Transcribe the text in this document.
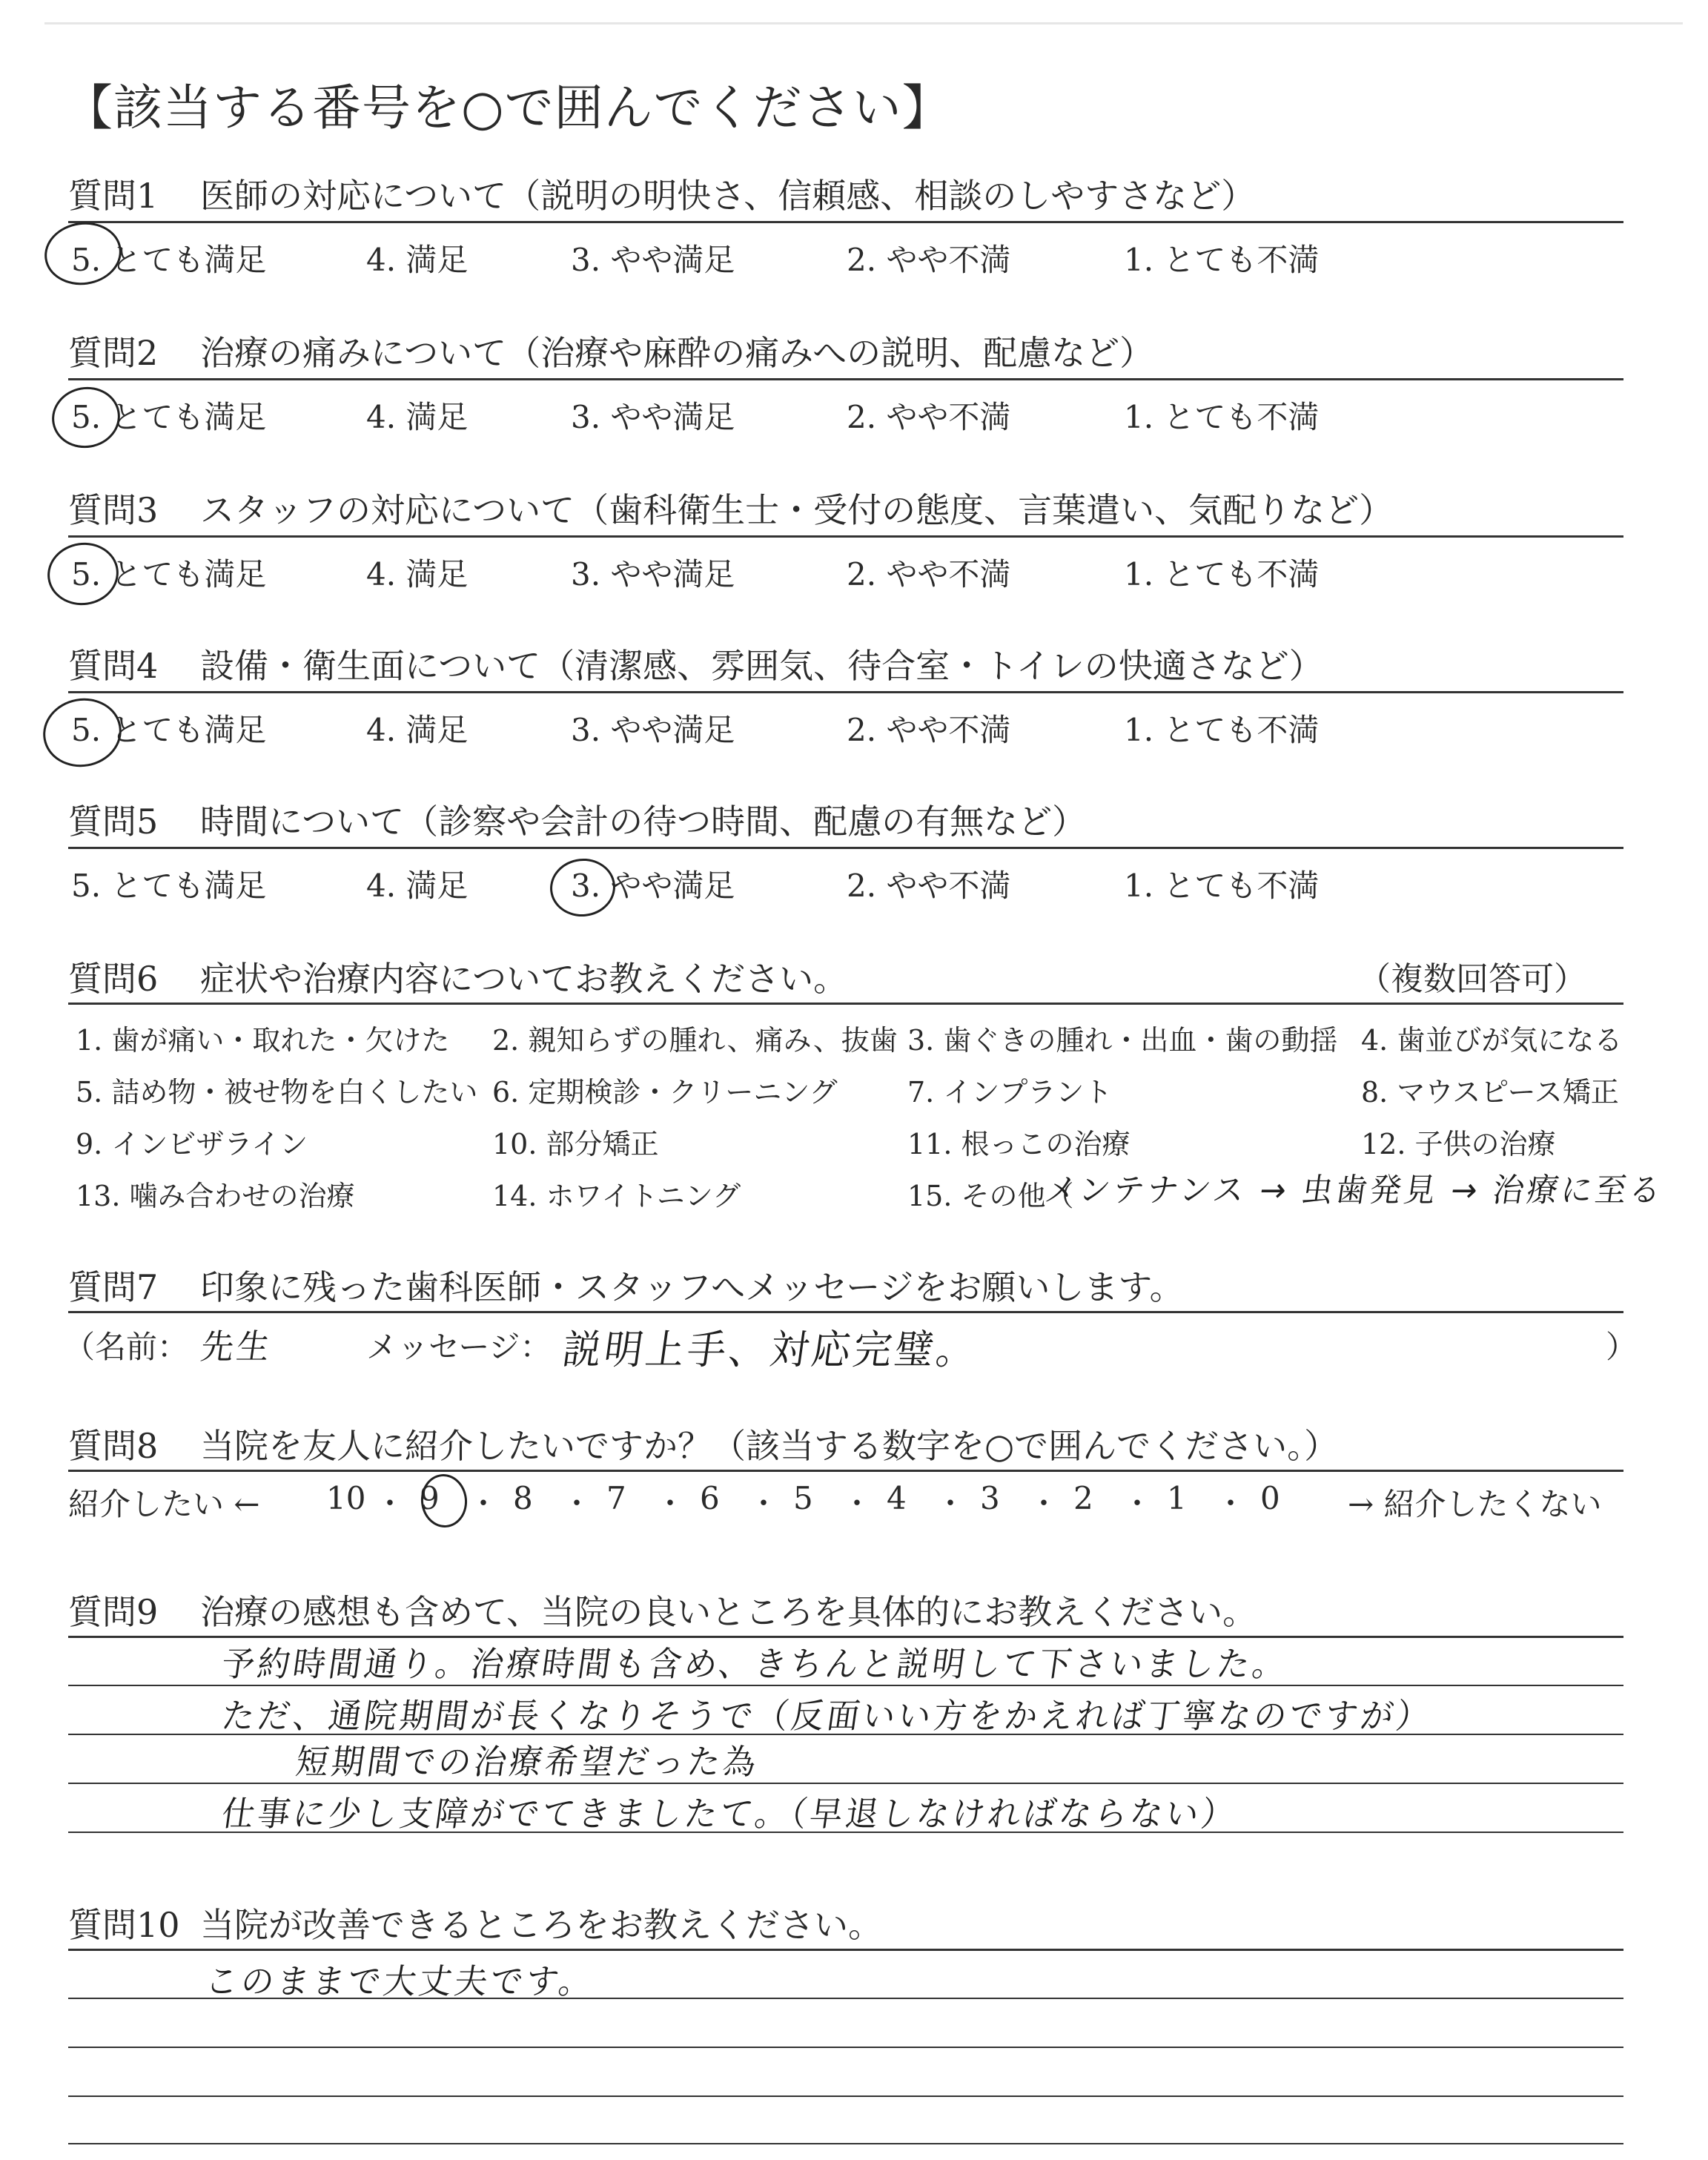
【該当する番号を○で囲んでください】
質問1 医師の対応について（説明の明快さ、信頼感、相談のしやすさなど）
5. とても満足	4. 満足	3. やや満足	2. やや不満	1. とても不満
質問2 治療の痛みについて（治療や麻酔の痛みへの説明、配慮など）
5. とても満足	4. 満足	3. やや満足	2. やや不満	1. とても不満
質問3 スタッフの対応について（歯科衛生士・受付の態度、言葉遣い、気配りなど）
5. とても満足	4. 満足	3. やや満足	2. やや不満	1. とても不満
質問4 設備・衛生面について（清潔感、雰囲気、待合室・トイレの快適さなど）
5. とても満足	4. 満足	3. やや満足	2. やや不満	1. とても不満
質問5 時間について（診察や会計の待つ時間、配慮の有無など）
5. とても満足	4. 満足	3. やや満足	2. やや不満	1. とても不満
質問6 症状や治療内容についてお教えください。	（複数回答可）
1. 歯が痛い・取れた・欠けた 2. 親知らずの腫れ、痛み、抜歯 3. 歯ぐきの腫れ・出血・歯の動揺 4. 歯並びが気になる
5. 詰め物・被せ物を白くしたい 6. 定期検診・クリーニング 7. インプラント	8. マウスピース矯正
9. インビザライン	10. 部分矯正	11. 根っこの治療	12. 子供の治療
13. 噛み合わせの治療	14. ホワイトニング	15. その他（
メンテナンス → 虫歯発見 → 治療に至る
質問7 印象に残った歯科医師・スタッフへメッセージをお願いします。
（名前： 先生	メッセージ： 説明上手、対応完璧。	）
質問8 当院を友人に紹介したいですか？（該当する数字を○で囲んでください。）
紹介したい ← 10 ・ 9 ・ 8 ・ 7 ・ 6 ・ 5 ・ 4 ・ 3 ・ 2 ・ 1 ・ 0 → 紹介したくない
質問9 治療の感想も含めて、当院の良いところを具体的にお教えください。
予約時間通り。治療時間も含め、きちんと説明して下さいました。
ただ、通院期間が長くなりそうで（反面いい方をかえれば丁寧なのですが）
短期間での治療希望だった為
仕事に少し支障がでてきましたて。（早退しなければならない）
質問10 当院が改善できるところをお教えください。
このままで大丈夫です。
